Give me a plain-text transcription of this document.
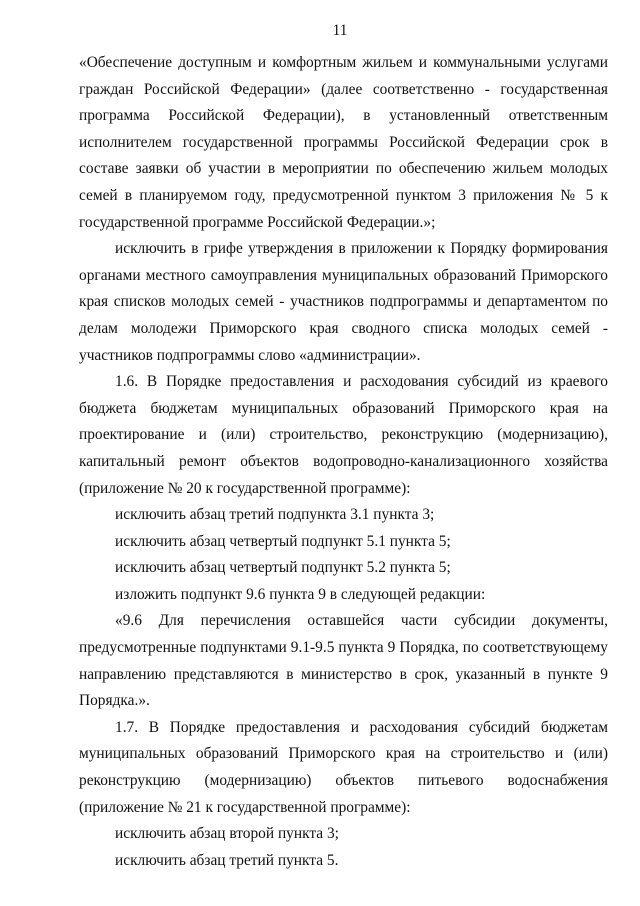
11

«Обеспечение доступным и комфортным жильем и коммунальными услугами граждан Российской Федерации» (далее соответственно - государственная программа Российской Федерации), в установленный ответственным исполнителем государственной программы Российской Федерации срок в составе заявки об участии в мероприятии по обеспечению жильем молодых семей в планируемом году, предусмотренной пунктом 3 приложения № 5 к государственной программе Российской Федерации.»;

исключить в грифе утверждения в приложении к Порядку формирования органами местного самоуправления муниципальных образований Приморского края списков молодых семей - участников подпрограммы и департаментом по делам молодежи Приморского края сводного списка молодых семей - участников подпрограммы слово «администрации».

1.6. В Порядке предоставления и расходования субсидий из краевого бюджета бюджетам муниципальных образований Приморского края на проектирование и (или) строительство, реконструкцию (модернизацию), капитальный ремонт объектов водопроводно-канализационного хозяйства (приложение № 20 к государственной программе):

исключить абзац третий подпункта 3.1 пункта 3;

исключить абзац четвертый подпункт 5.1 пункта 5;

исключить абзац четвертый подпункт 5.2 пункта 5;

изложить подпункт 9.6 пункта 9 в следующей редакции:

«9.6 Для перечисления оставшейся части субсидии документы, предусмотренные подпунктами 9.1-9.5 пункта 9 Порядка, по соответствующему направлению представляются в министерство в срок, указанный в пункте 9 Порядка.».

1.7. В Порядке предоставления и расходования субсидий бюджетам муниципальных образований Приморского края на строительство и (или) реконструкцию (модернизацию) объектов питьевого водоснабжения (приложение № 21 к государственной программе):

исключить абзац второй пункта 3;

исключить абзац третий пункта 5.
